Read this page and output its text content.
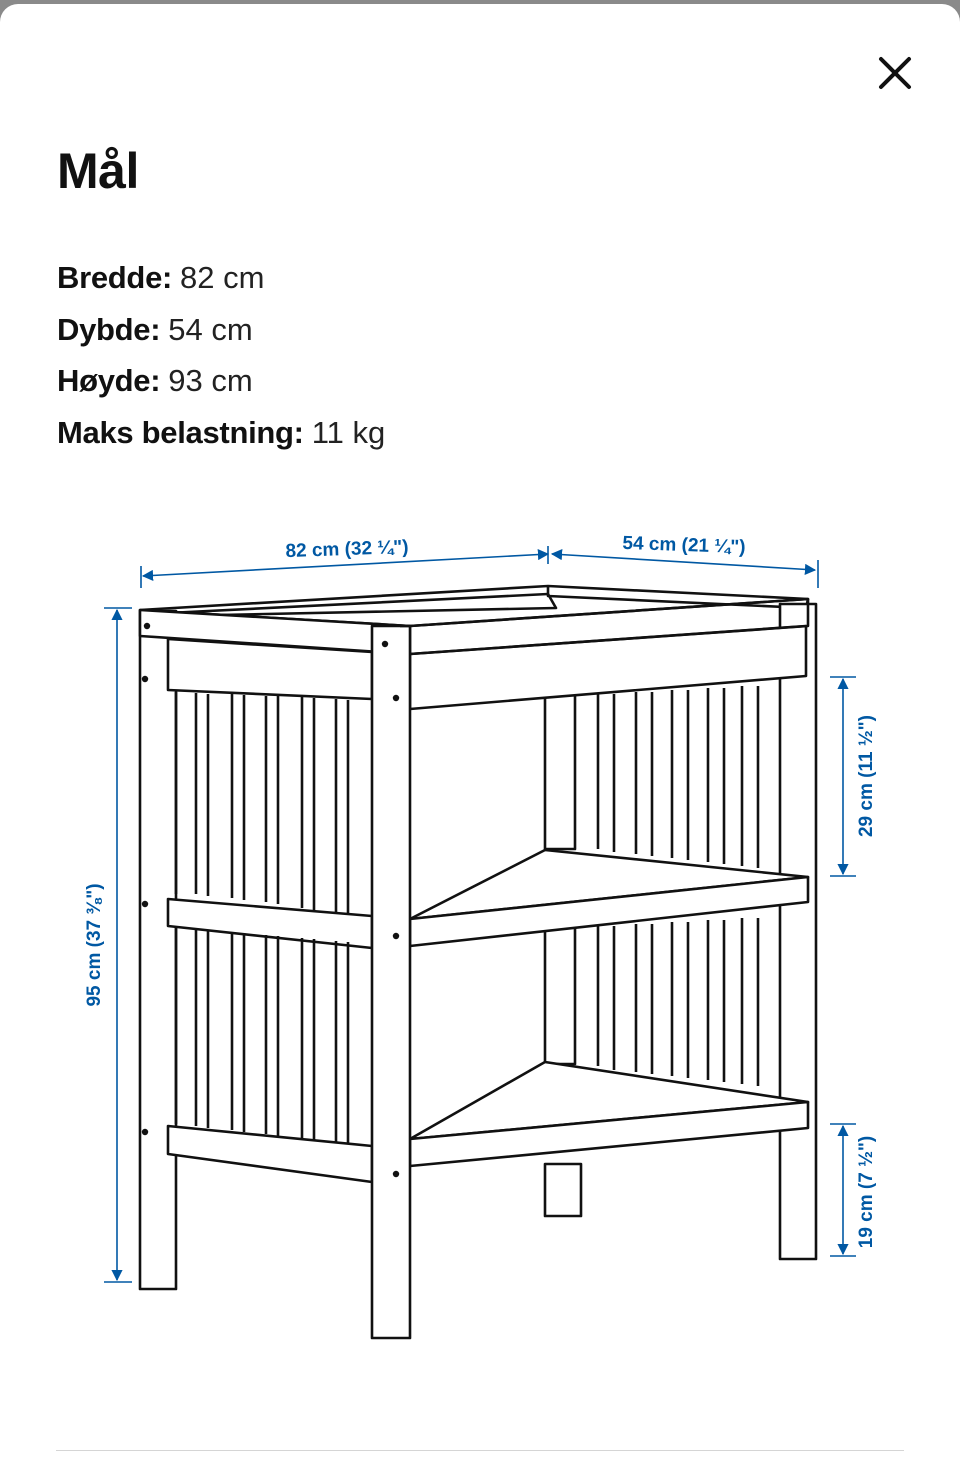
Mål
Bredde: 82 cm
Dybde: 54 cm
Høyde: 93 cm
Maks belastning: 11 kg
82 cm (32 ¼")	54 cm (21 ¼")
95 cm (37 ⅜")
29 cm (11 ½")
19 cm (7 ½")
